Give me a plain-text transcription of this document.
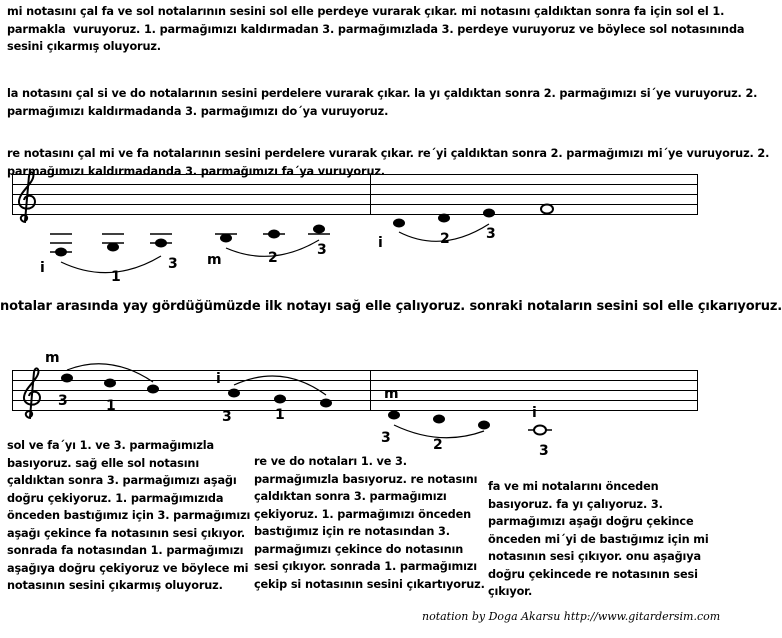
mi notasını çal fa ve sol notalarının sesini sol elle perdeye vurarak çıkar. mi notasını çaldıktan sonra fa için sol el 1.
parmakla  vuruyoruz. 1. parmağımızı kaldırmadan 3. parmağımızlada 3. perdeye vuruyoruz ve böylece sol notasınında
sesini çıkarmış oluyoruz.
la notasını çal si ve do notalarının sesini perdelere vurarak çıkar. la yı çaldıktan sonra 2. parmağımızı si´ye vuruyoruz. 2.
parmağımızı kaldırmadanda 3. parmağımızı do´ya vuruyoruz.
re notasını çal mi ve fa notalarının sesini perdelere vurarak çıkar. re´yi çaldıktan sonra 2. parmağımızı mi´ye vuruyoruz. 2.
parmağımızı kaldırmadanda 3. parmağımızı fa´ya vuruyoruz.
i
1
3 m	2	3	i	2	3
notalar arasında yay gördüğümüzde ilk notayı sağ elle çalıyoruz. sonraki notaların sesini sol elle çıkarıyoruz.
m
3	1
i
3	1
m
3	2
i
3
sol ve fa´yı 1. ve 3. parmağımızla
basıyoruz. sağ elle sol notasını
çaldıktan sonra 3. parmağımızı aşağı
doğru çekiyoruz. 1. parmağımızıda
önceden bastığımız için 3. parmağımızı
aşağı çekince fa notasının sesi çıkıyor.
sonrada fa notasından 1. parmağımızı
aşağıya doğru çekiyoruz ve böylece mi
notasının sesini çıkarmış oluyoruz.
re ve do notaları 1. ve 3.
parmağımızla basıyoruz. re notasını
çaldıktan sonra 3. parmağımızı
çekiyoruz. 1. parmağımızı önceden
bastığımız için re notasından 3.
parmağımızı çekince do notasının
sesi çıkıyor. sonrada 1. parmağımızı
çekip si notasının sesini çıkartıyoruz.
fa ve mi notalarını önceden
basıyoruz. fa yı çalıyoruz. 3.
parmağımızı aşağı doğru çekince
önceden mi´yi de bastığımız için mi
notasının sesi çıkıyor. onu aşağıya
doğru çekincede re notasının sesi
çıkıyor.
notation by Doga Akarsu http://www.gitardersim.com
